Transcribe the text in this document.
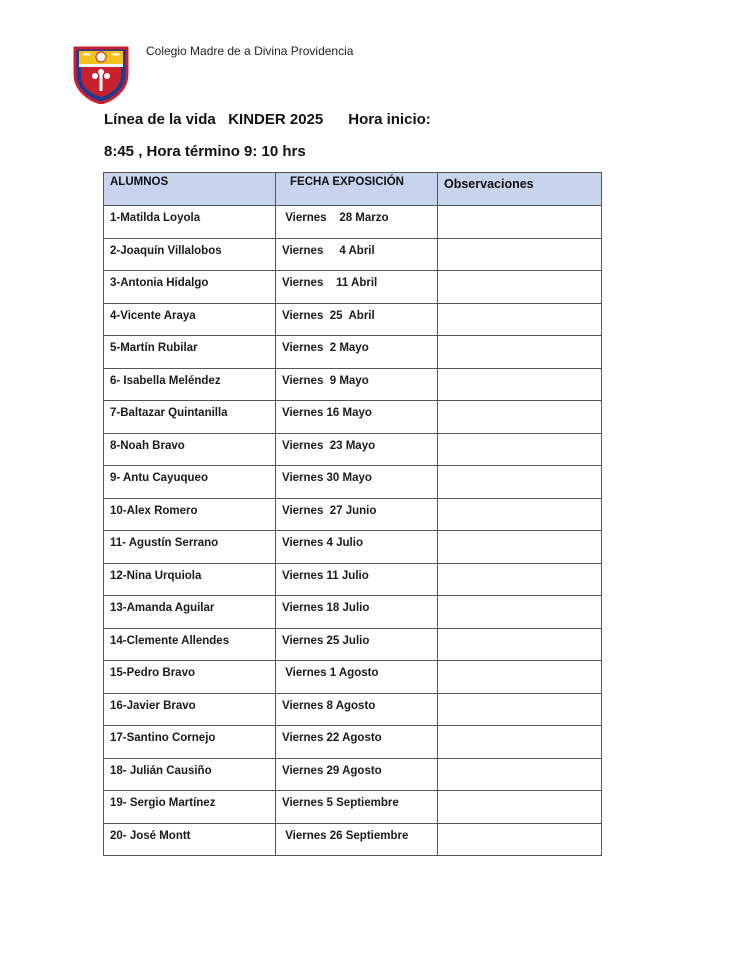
Colegio Madre de a Divina Providencia
Línea de la vida   KINDER 2025      Hora inicio:
8:45 , Hora término 9: 10 hrs
ALUMNOS	FECHA EXPOSICIÓN	Observaciones
1-Matilda Loyola	Viernes    28 Marzo	
2-Joaquín Villalobos	Viernes     4 Abril	
3-Antonia Hidalgo	Viernes    11 Abril	
4-Vicente Araya	Viernes  25  Abril	
5-Martín Rubilar	Viernes  2 Mayo	
6- Isabella Meléndez	Viernes  9 Mayo	
7-Baltazar Quintanilla	Viernes 16 Mayo	
8-Noah Bravo	Viernes  23 Mayo	
9- Antu Cayuqueo	Viernes 30 Mayo	
10-Alex Romero	Viernes  27 Junio	
11- Agustín Serrano	Viernes 4 Julio	
12-Nina Urquiola	Viernes 11 Julio	
13-Amanda Aguilar	Viernes 18 Julio	
14-Clemente Allendes	Viernes 25 Julio	
15-Pedro Bravo	Viernes 1 Agosto	
16-Javier Bravo	Viernes 8 Agosto	
17-Santino Cornejo	Viernes 22 Agosto	
18- Julián Causiño	Viernes 29 Agosto	
19- Sergio Martínez	Viernes 5 Septiembre	
20- José Montt	Viernes 26 Septiembre	
